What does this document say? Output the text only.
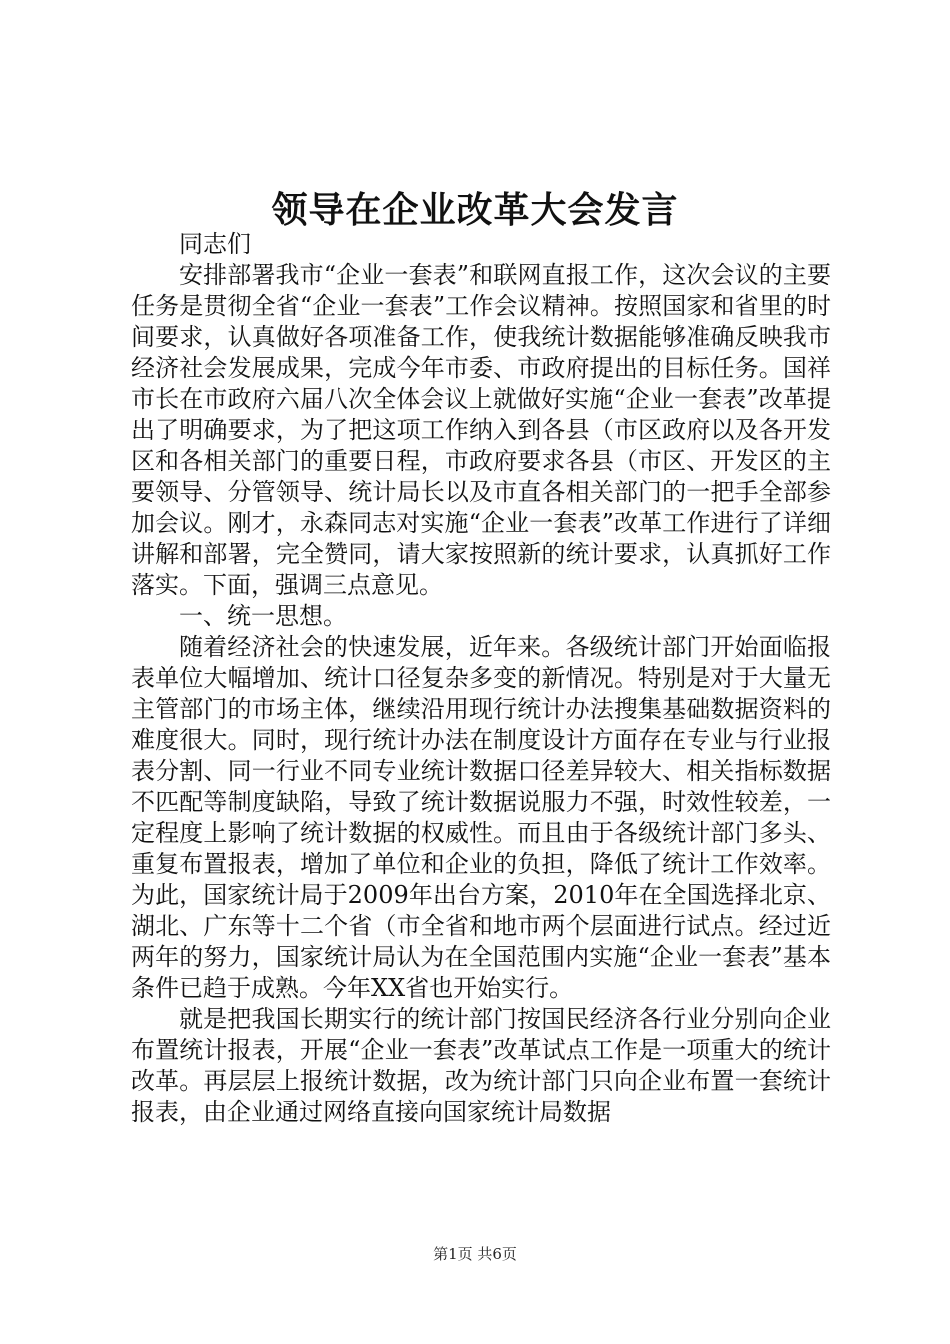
领导在企业改革大会发言

同志们

安排部署我市“企业一套表”和联网直报工作，这次会议的主要任务是贯彻全省“企业一套表”工作会议精神。按照国家和省里的时间要求，认真做好各项准备工作，使我统计数据能够准确反映我市经济社会发展成果，完成今年市委、市政府提出的目标任务。国祥市长在市政府六届八次全体会议上就做好实施“企业一套表”改革提出了明确要求，为了把这项工作纳入到各县（市区政府以及各开发区和各相关部门的重要日程，市政府要求各县（市区、开发区的主要领导、分管领导、统计局长以及市直各相关部门的一把手全部参加会议。刚才，永森同志对实施“企业一套表”改革工作进行了详细讲解和部署，完全赞同，请大家按照新的统计要求，认真抓好工作落实。下面，强调三点意见。

一、统一思想。

随着经济社会的快速发展，近年来。各级统计部门开始面临报表单位大幅增加、统计口径复杂多变的新情况。特别是对于大量无主管部门的市场主体，继续沿用现行统计办法搜集基础数据资料的难度很大。同时，现行统计办法在制度设计方面存在专业与行业报表分割、同一行业不同专业统计数据口径差异较大、相关指标数据不匹配等制度缺陷，导致了统计数据说服力不强，时效性较差，一定程度上影响了统计数据的权威性。而且由于各级统计部门多头、重复布置报表，增加了单位和企业的负担，降低了统计工作效率。为此，国家统计局于2009年出台方案，2010年在全国选择北京、湖北、广东等十二个省（市全省和地市两个层面进行试点。经过近两年的努力，国家统计局认为在全国范围内实施“企业一套表”基本条件已趋于成熟。今年XX省也开始实行。

就是把我国长期实行的统计部门按国民经济各行业分别向企业布置统计报表，开展“企业一套表”改革试点工作是一项重大的统计改革。再层层上报统计数据，改为统计部门只向企业布置一套统计报表，由企业通过网络直接向国家统计局数据

第1页 共6页
